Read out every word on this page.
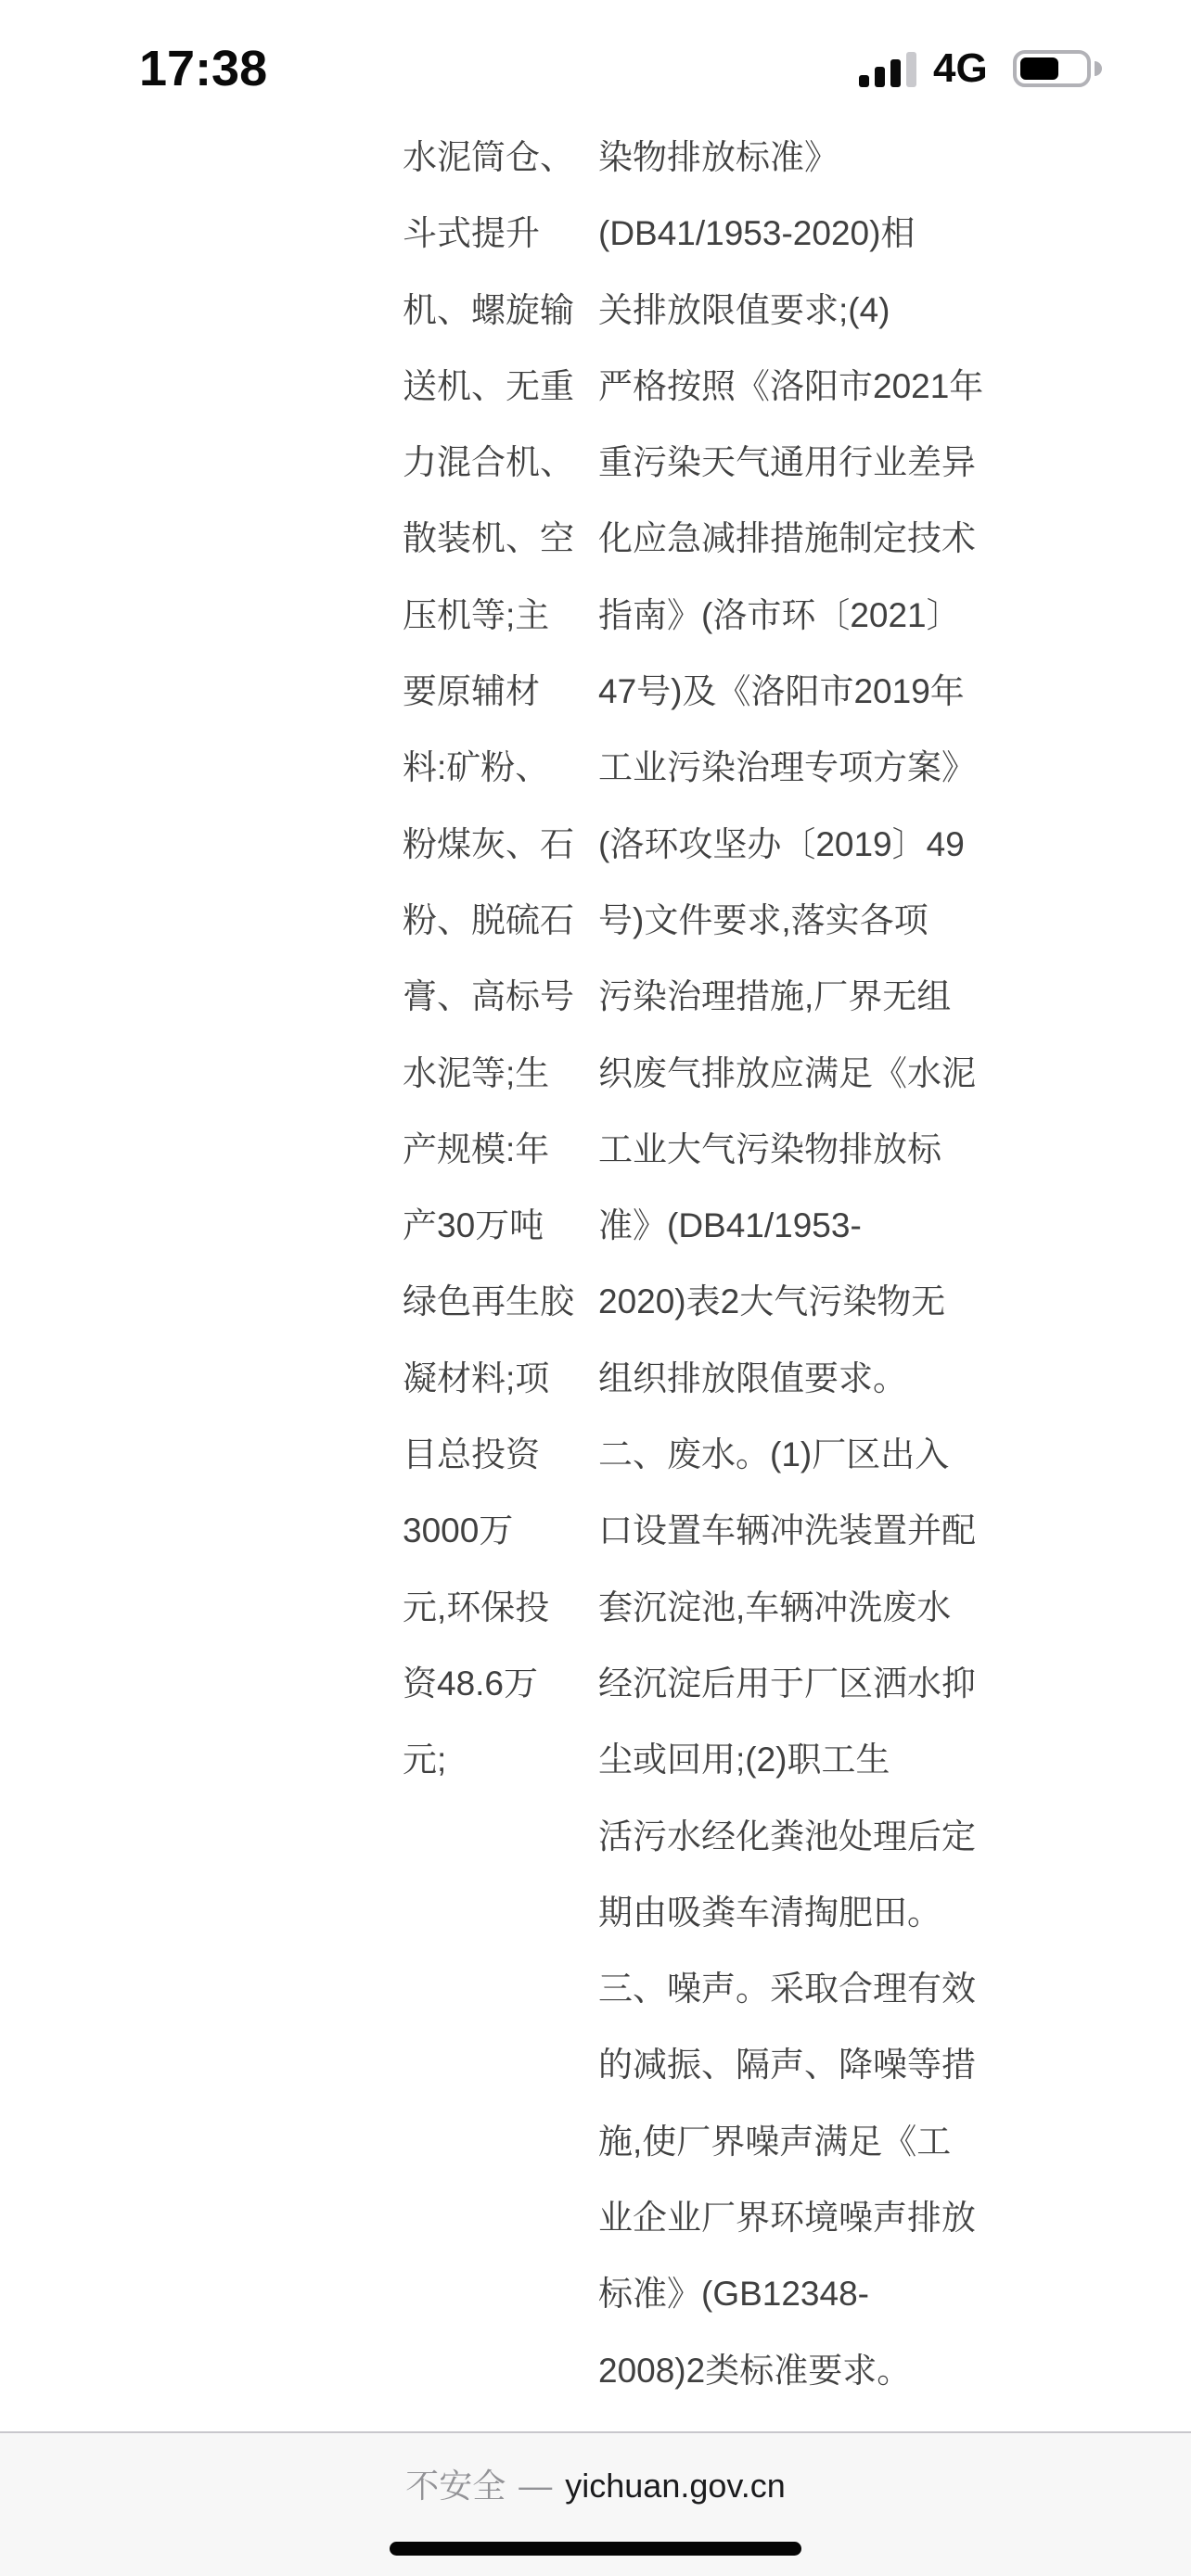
17:38	4G
水泥筒仓、
斗式提升
机、螺旋输
送机、无重
力混合机、
散装机、空
压机等;主
要原辅材
料:矿粉、
粉煤灰、石
粉、脱硫石
膏、高标号
水泥等;生
产规模:年
产30万吨
绿色再生胶
凝材料;项
目总投资
3000万
元,环保投
资48.6万
元;
染物排放标准》
(DB41/1953-2020)相
关排放限值要求;(4)
严格按照《洛阳市2021年
重污染天气通用行业差异
化应急减排措施制定技术
指南》(洛市环〔2021〕
47号)及《洛阳市2019年
工业污染治理专项方案》
(洛环攻坚办〔2019〕49
号)文件要求,落实各项
污染治理措施,厂界无组
织废气排放应满足《水泥
工业大气污染物排放标
准》(DB41/1953-
2020)表2大气污染物无
组织排放限值要求。
二、废水。(1)厂区出入
口设置车辆冲洗装置并配
套沉淀池,车辆冲洗废水
经沉淀后用于厂区洒水抑
尘或回用;(2)职工生
活污水经化粪池处理后定
期由吸粪车清掏肥田。
三、噪声。采取合理有效
的减振、隔声、降噪等措
施,使厂界噪声满足《工
业企业厂界环境噪声排放
标准》(GB12348-
2008)2类标准要求。
不安全 — yichuan.gov.cn
